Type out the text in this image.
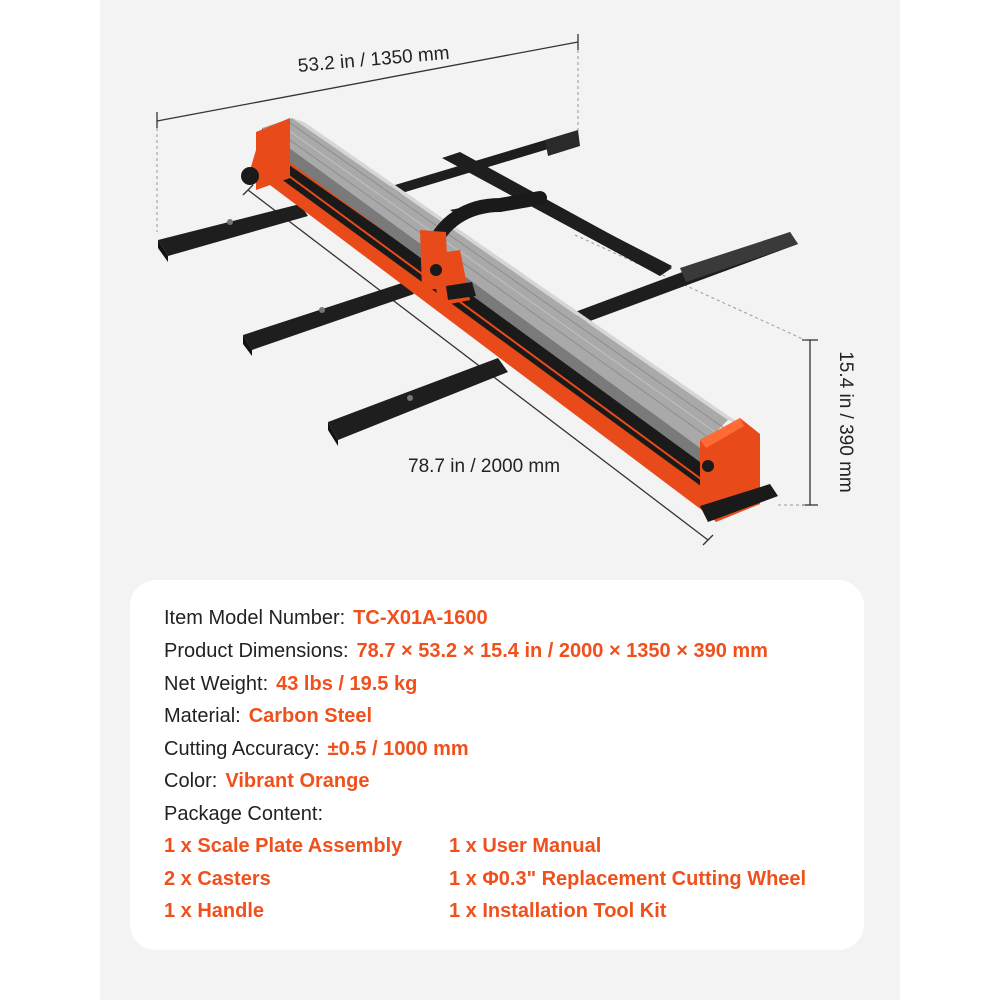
53.2 in / 1350 mm
78.7 in / 2000 mm	15.4 in / 390 mm
Item Model Number: TC-X01A-1600
Product Dimensions: 78.7 × 53.2 × 15.4 in / 2000 × 1350 × 390 mm
Net Weight: 43 lbs / 19.5 kg
Material: Carbon Steel
Cutting Accuracy: ±0.5 / 1000 mm
Color: Vibrant Orange
Package Content:
1 x Scale Plate Assembly
2 x Casters
1 x Handle
1 x User Manual
1 x Φ0.3" Replacement Cutting Wheel
1 x Installation Tool Kit
